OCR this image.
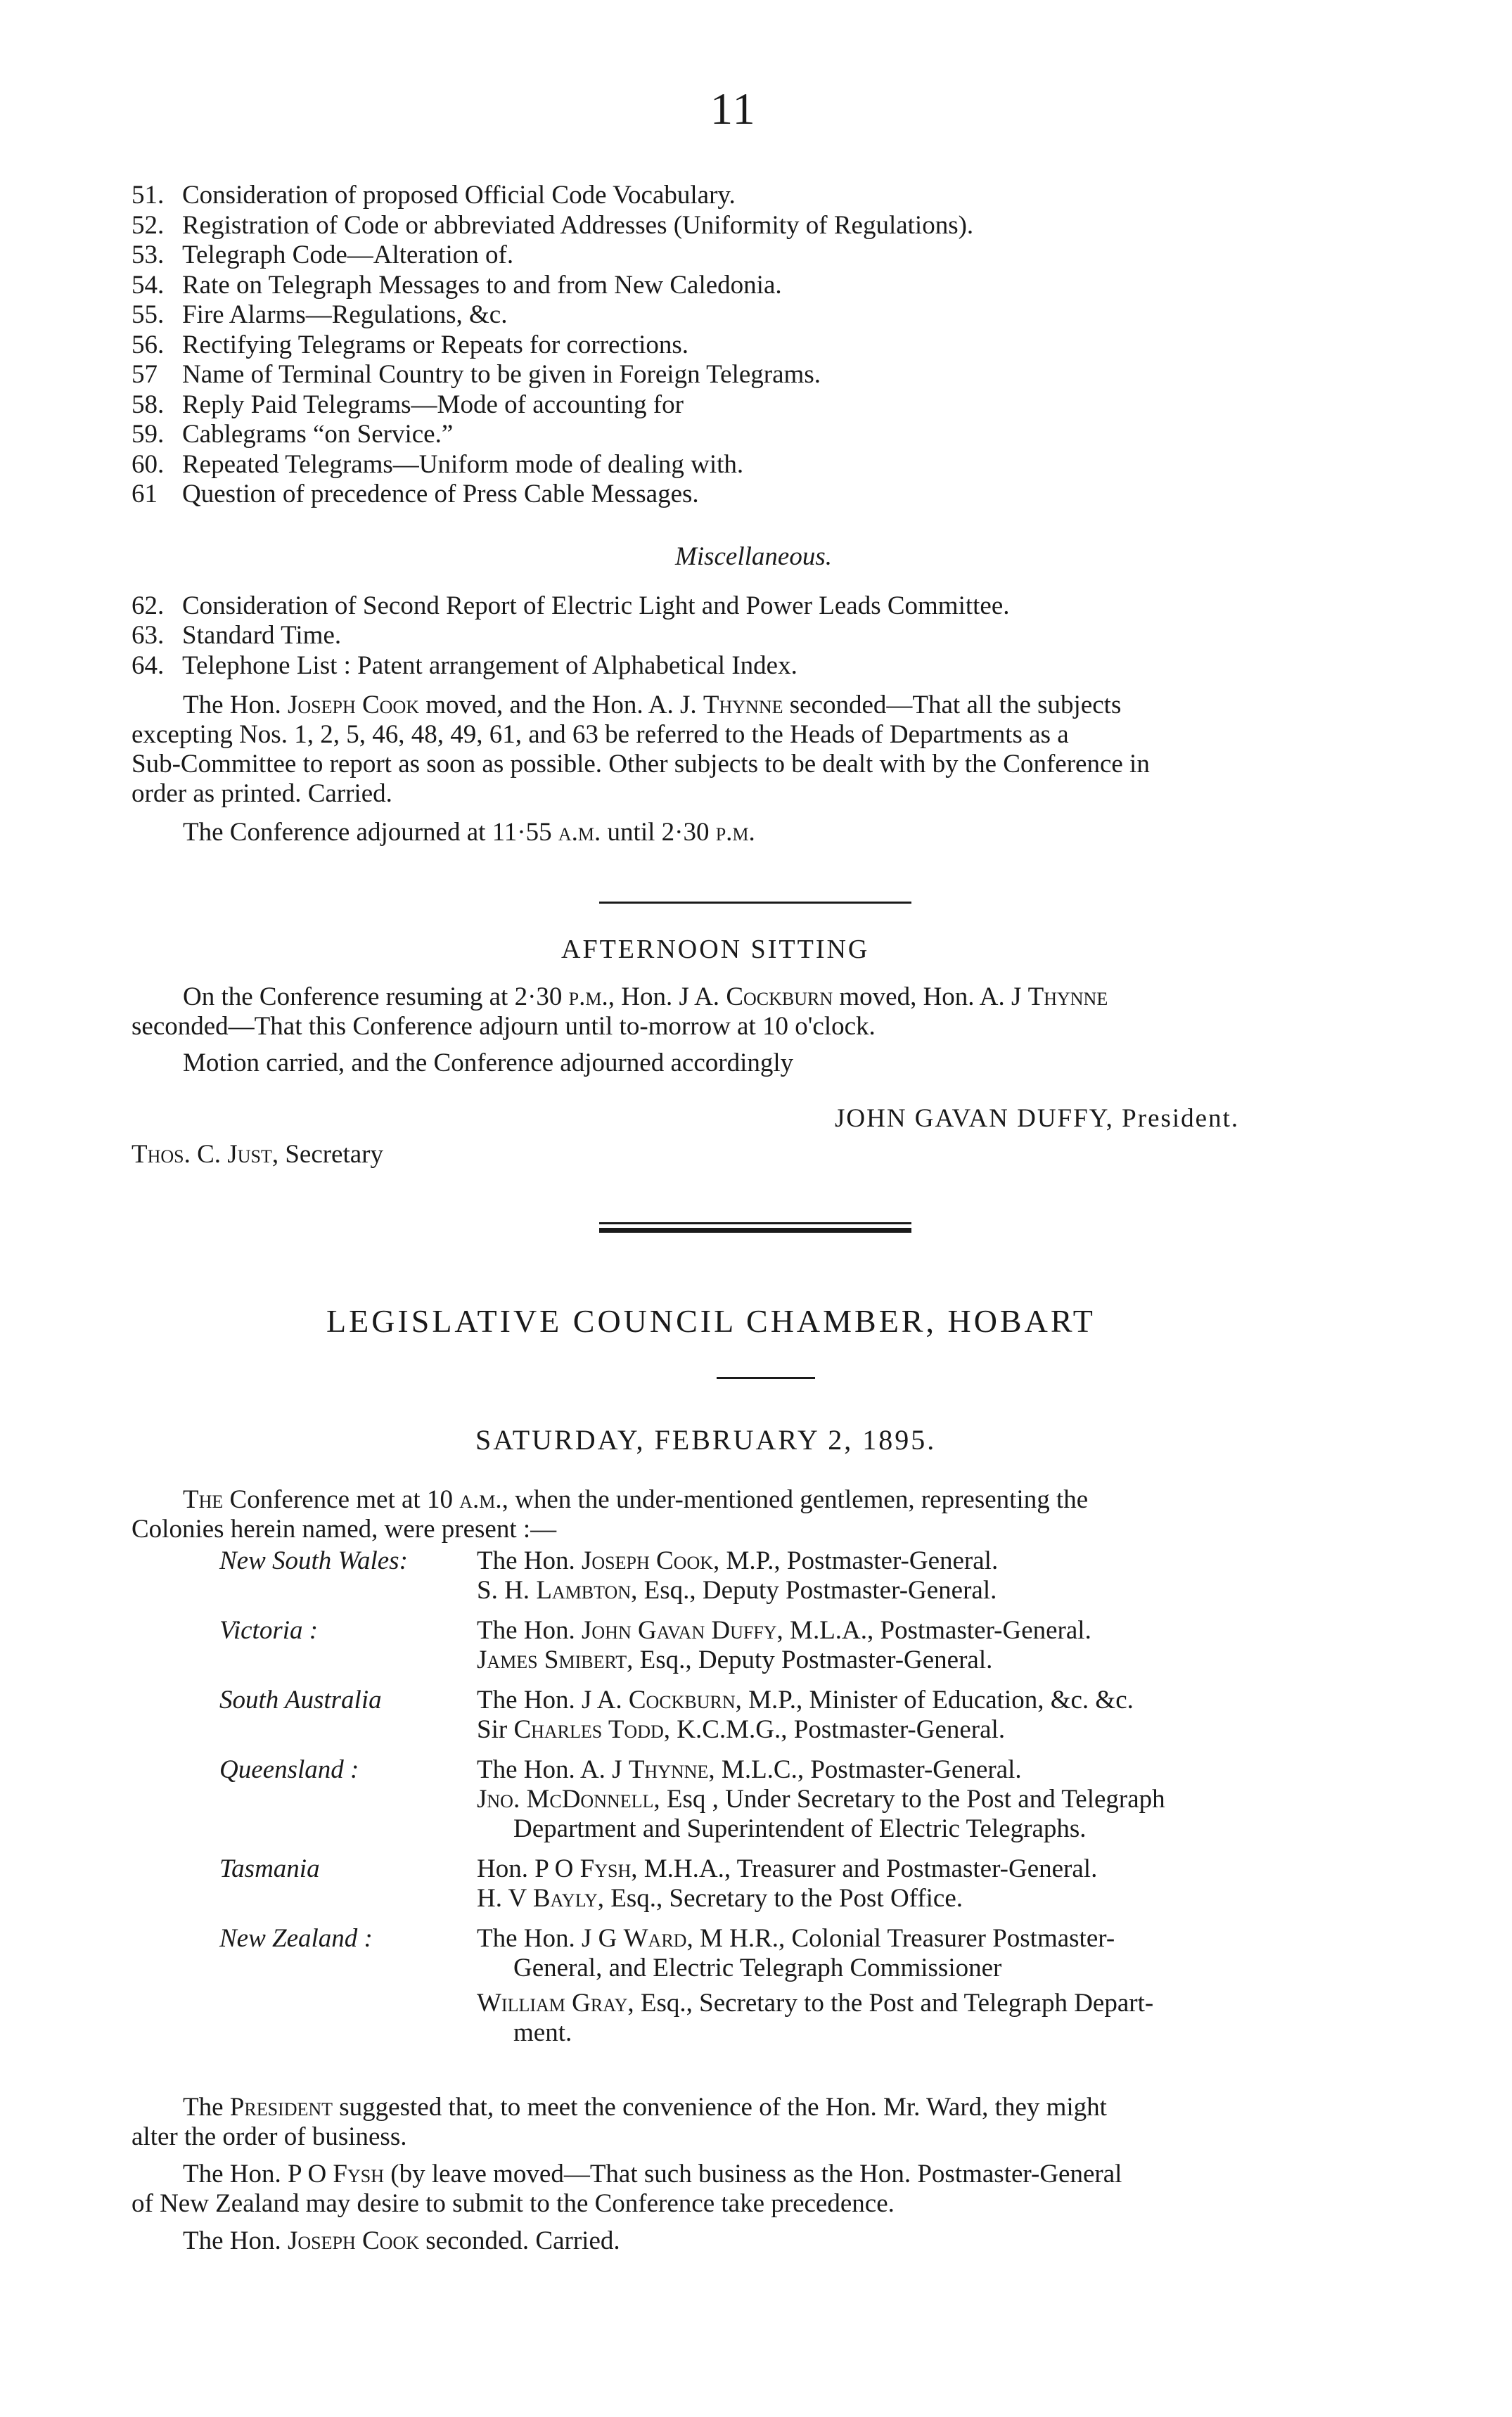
11
51. Consideration of proposed Official Code Vocabulary.
52. Registration of Code or abbreviated Addresses (Uniformity of Regulations).
53. Telegraph Code—Alteration of.
54. Rate on Telegraph Messages to and from New Caledonia.
55. Fire Alarms—Regulations, &c.
56. Rectifying Telegrams or Repeats for corrections.
57 Name of Terminal Country to be given in Foreign Telegrams.
58. Reply Paid Telegrams—Mode of accounting for
59. Cablegrams “on Service.”
60. Repeated Telegrams—Uniform mode of dealing with.
61 Question of precedence of Press Cable Messages.
Miscellaneous.
62. Consideration of Second Report of Electric Light and Power Leads Committee.
63. Standard Time.
64. Telephone List : Patent arrangement of Alphabetical Index.
The Hon. Joseph Cook moved, and the Hon. A. J. Thynne seconded—That all the subjects
excepting Nos. 1, 2, 5, 46, 48, 49, 61, and 63 be referred to the Heads of Departments as a
Sub-Committee to report as soon as possible. Other subjects to be dealt with by the Conference in
order as printed. Carried.
The Conference adjourned at 11·55 a.m. until 2·30 p.m.
AFTERNOON SITTING
On the Conference resuming at 2·30 p.m., Hon. J A. Cockburn moved, Hon. A. J Thynne
seconded—That this Conference adjourn until to-morrow at 10 o'clock.
Motion carried, and the Conference adjourned accordingly
JOHN GAVAN DUFFY, President.
Thos. C. Just, Secretary
LEGISLATIVE COUNCIL CHAMBER, HOBART
SATURDAY, FEBRUARY 2, 1895.
The Conference met at 10 a.m., when the under-mentioned gentlemen, representing the
Colonies herein named, were present :—
New South Wales:	The Hon. Joseph Cook, M.P., Postmaster-General.
S. H. Lambton, Esq., Deputy Postmaster-General.
Victoria :	The Hon. John Gavan Duffy, M.L.A., Postmaster-General.
James Smibert, Esq., Deputy Postmaster-General.
South Australia	The Hon. J A. Cockburn, M.P., Minister of Education, &c. &c.
Sir Charles Todd, K.C.M.G., Postmaster-General.
Queensland :	The Hon. A. J Thynne, M.L.C., Postmaster-General.
Jno. McDonnell, Esq , Under Secretary to the Post and Telegraph
Department and Superintendent of Electric Telegraphs.
Tasmania	Hon. P O Fysh, M.H.A., Treasurer and Postmaster-General.
H. V Bayly, Esq., Secretary to the Post Office.
New Zealand :	The Hon. J G Ward, M H.R., Colonial Treasurer Postmaster-
General, and Electric Telegraph Commissioner
William Gray, Esq., Secretary to the Post and Telegraph Depart-
ment.
The President suggested that, to meet the convenience of the Hon. Mr. Ward, they might
alter the order of business.
The Hon. P O Fysh (by leave moved—That such business as the Hon. Postmaster-General
of New Zealand may desire to submit to the Conference take precedence.
The Hon. Joseph Cook seconded. Carried.
